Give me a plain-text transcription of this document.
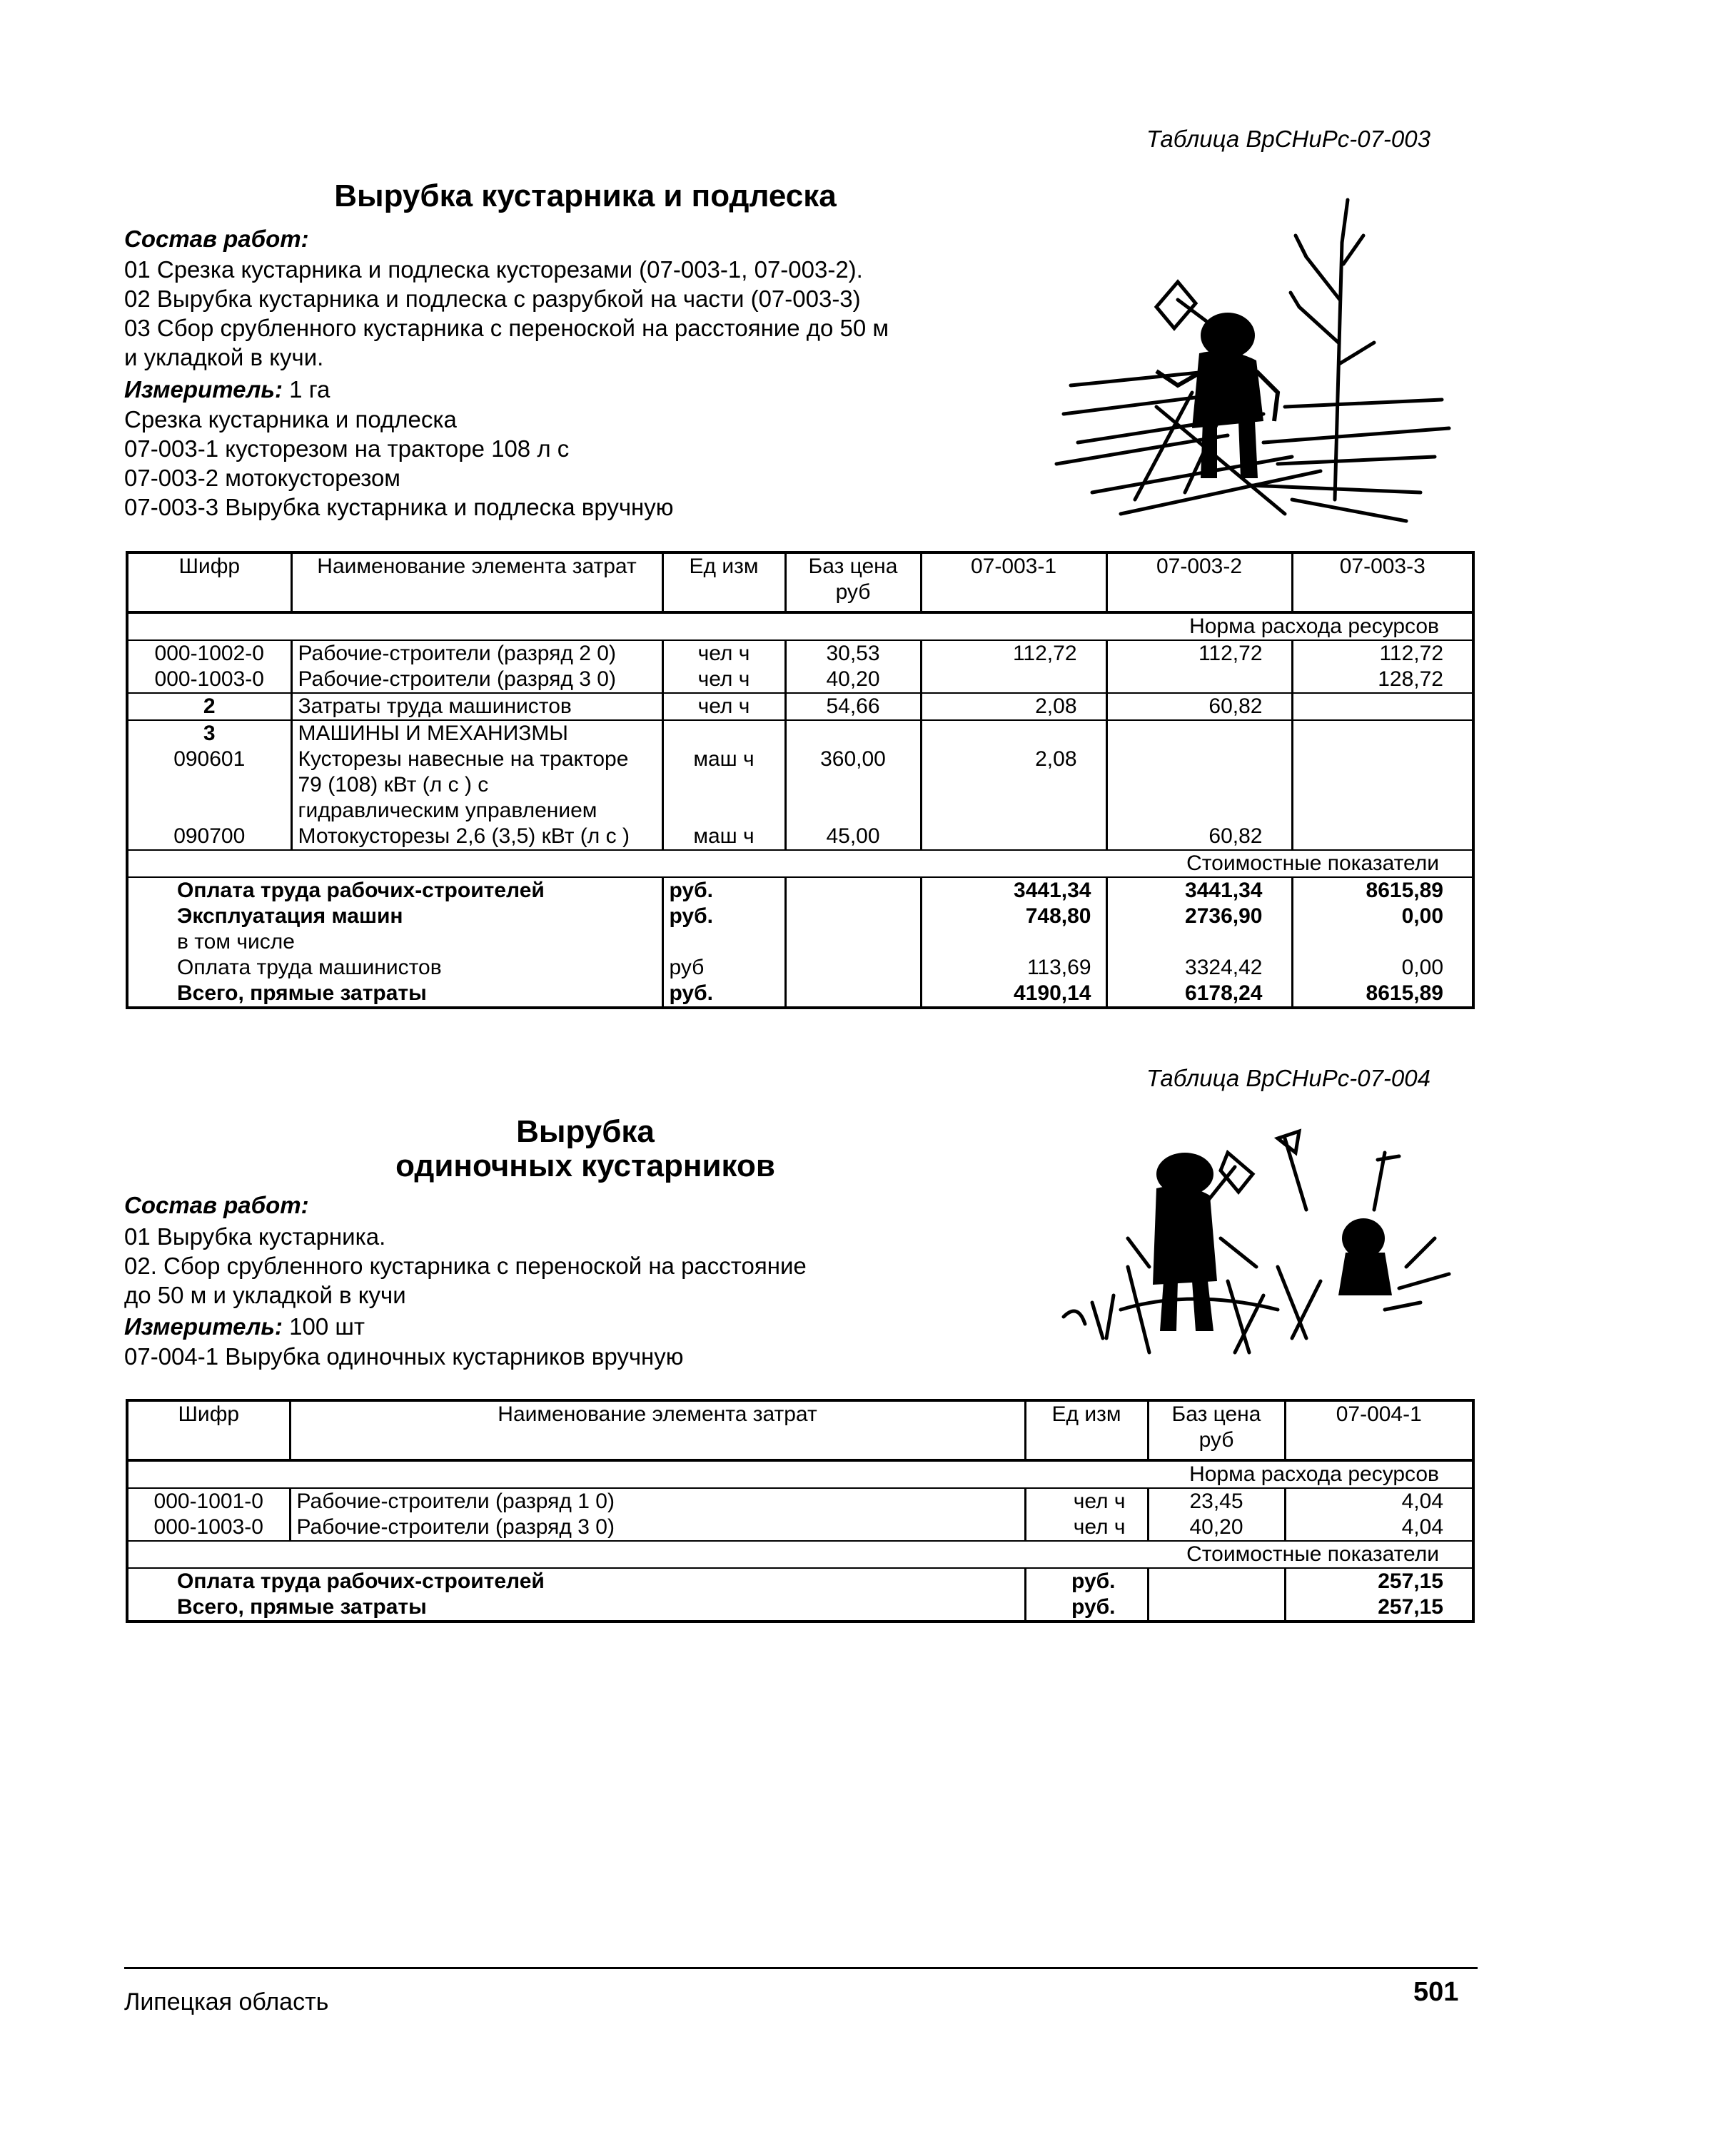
Таблица ВрСНиРс-07-003
Вырубка кустарника и подлеска
Состав работ:
01 Срезка кустарника и подлеска кусторезами (07-003-1, 07-003-2).
02 Вырубка кустарника и подлеска с разрубкой на части (07-003-3)
03 Сбор срубленного кустарника с переноской на расстояние до 50 м
и укладкой в кучи.
Измеритель: 1 га
Срезка кустарника и подлеска
07-003-1 кусторезом на тракторе 108 л с
07-003-2 мотокусторезом
07-003-3 Вырубка кустарника и подлеска вручную
Шифр	Наименование элемента затрат	Ед изм	Баз цена руб	07-003-1	07-003-2	07-003-3
Норма расхода ресурсов						
000-1002-0	Рабочие-строители (разряд 2 0)	чел ч	30,53	112,72	112,72	112,72
000-1003-0	Рабочие-строители (разряд 3 0)	чел ч	40,20			128,72
2	Затраты труда машинистов	чел ч	54,66	2,08	60,82	
3	МАШИНЫ И МЕХАНИЗМЫ					
090601	Кусторезы навесные на тракторе 79 (108) кВт (л с ) с гидравлическим управлением	маш ч	360,00	2,08		
090700	Мотокусторезы 2,6 (3,5) кВт (л с )	маш ч	45,00		60,82	
Стоимостные показатели						
Оплата труда рабочих-строителей		руб.		3441,34	3441,34	8615,89
Эксплуатация машин		руб.		748,80	2736,90	0,00
в том числе						
Оплата труда машинистов		руб		113,69	3324,42	0,00
Всего, прямые затраты		руб.		4190,14	6178,24	8615,89
Таблица ВрСНиРс-07-004
Вырубка
одиночных кустарников
Состав работ:
01 Вырубка кустарника.
02. Сбор срубленного кустарника с переноской на расстояние
до 50 м и укладкой в кучи
Измеритель: 100 шт
07-004-1 Вырубка одиночных кустарников вручную
Шифр	Наименование элемента затрат	Ед изм	Баз цена руб	07-004-1
Норма расхода ресурсов				
000-1001-0	Рабочие-строители (разряд 1 0)	чел ч	23,45	4,04
000-1003-0	Рабочие-строители (разряд 3 0)	чел ч	40,20	4,04
Стоимостные показатели				
Оплата труда рабочих-строителей		руб.		257,15
Всего, прямые затраты		руб.		257,15
Липецкая область	501
